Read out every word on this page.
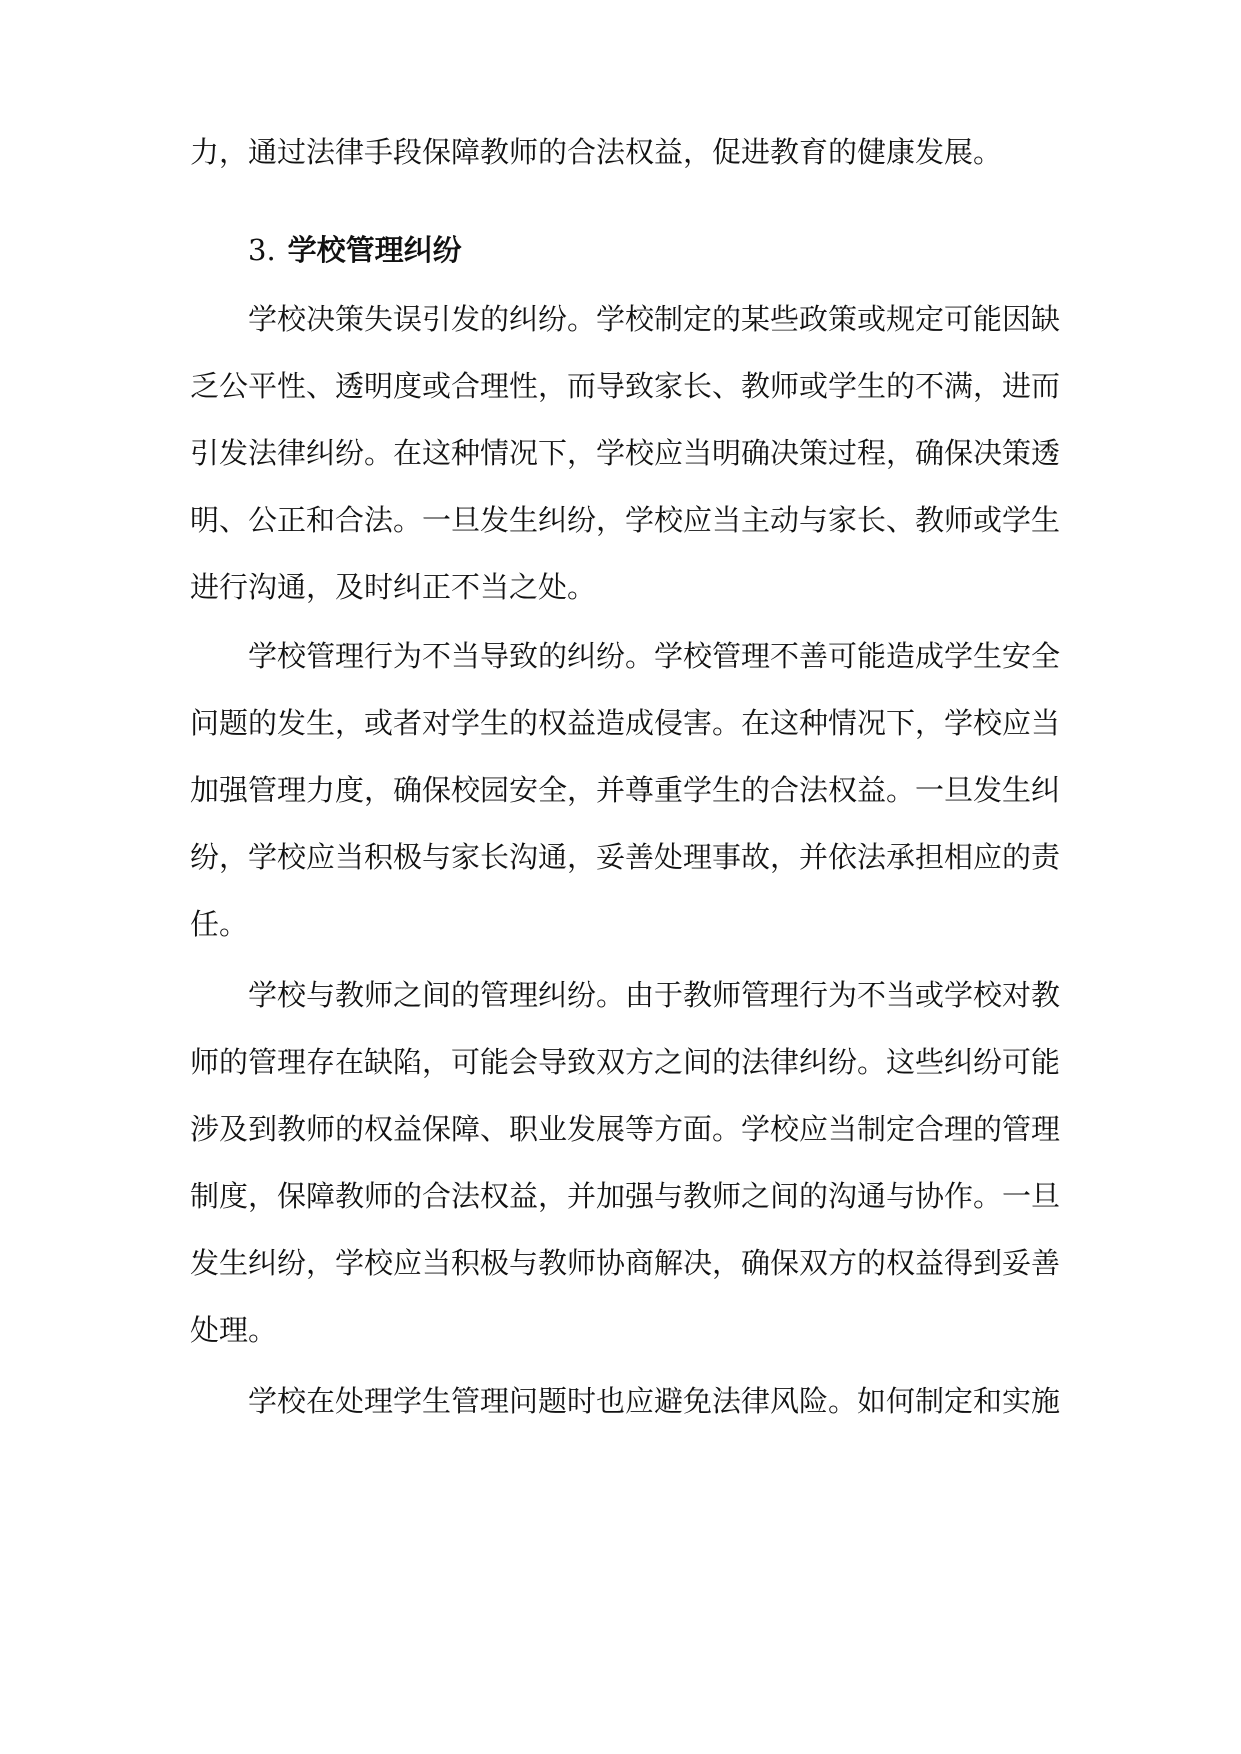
力，通过法律手段保障教师的合法权益，促进教育的健康发展。
3. 学校管理纠纷
学校决策失误引发的纠纷。学校制定的某些政策或规定可能因缺
乏公平性、透明度或合理性，而导致家长、教师或学生的不满，进而
引发法律纠纷。在这种情况下，学校应当明确决策过程，确保决策透
明、公正和合法。一旦发生纠纷，学校应当主动与家长、教师或学生
进行沟通，及时纠正不当之处。
学校管理行为不当导致的纠纷。学校管理不善可能造成学生安全
问题的发生，或者对学生的权益造成侵害。在这种情况下，学校应当
加强管理力度，确保校园安全，并尊重学生的合法权益。一旦发生纠
纷，学校应当积极与家长沟通，妥善处理事故，并依法承担相应的责
任。
学校与教师之间的管理纠纷。由于教师管理行为不当或学校对教
师的管理存在缺陷，可能会导致双方之间的法律纠纷。这些纠纷可能
涉及到教师的权益保障、职业发展等方面。学校应当制定合理的管理
制度，保障教师的合法权益，并加强与教师之间的沟通与协作。一旦
发生纠纷，学校应当积极与教师协商解决，确保双方的权益得到妥善
处理。
学校在处理学生管理问题时也应避免法律风险。如何制定和实施
